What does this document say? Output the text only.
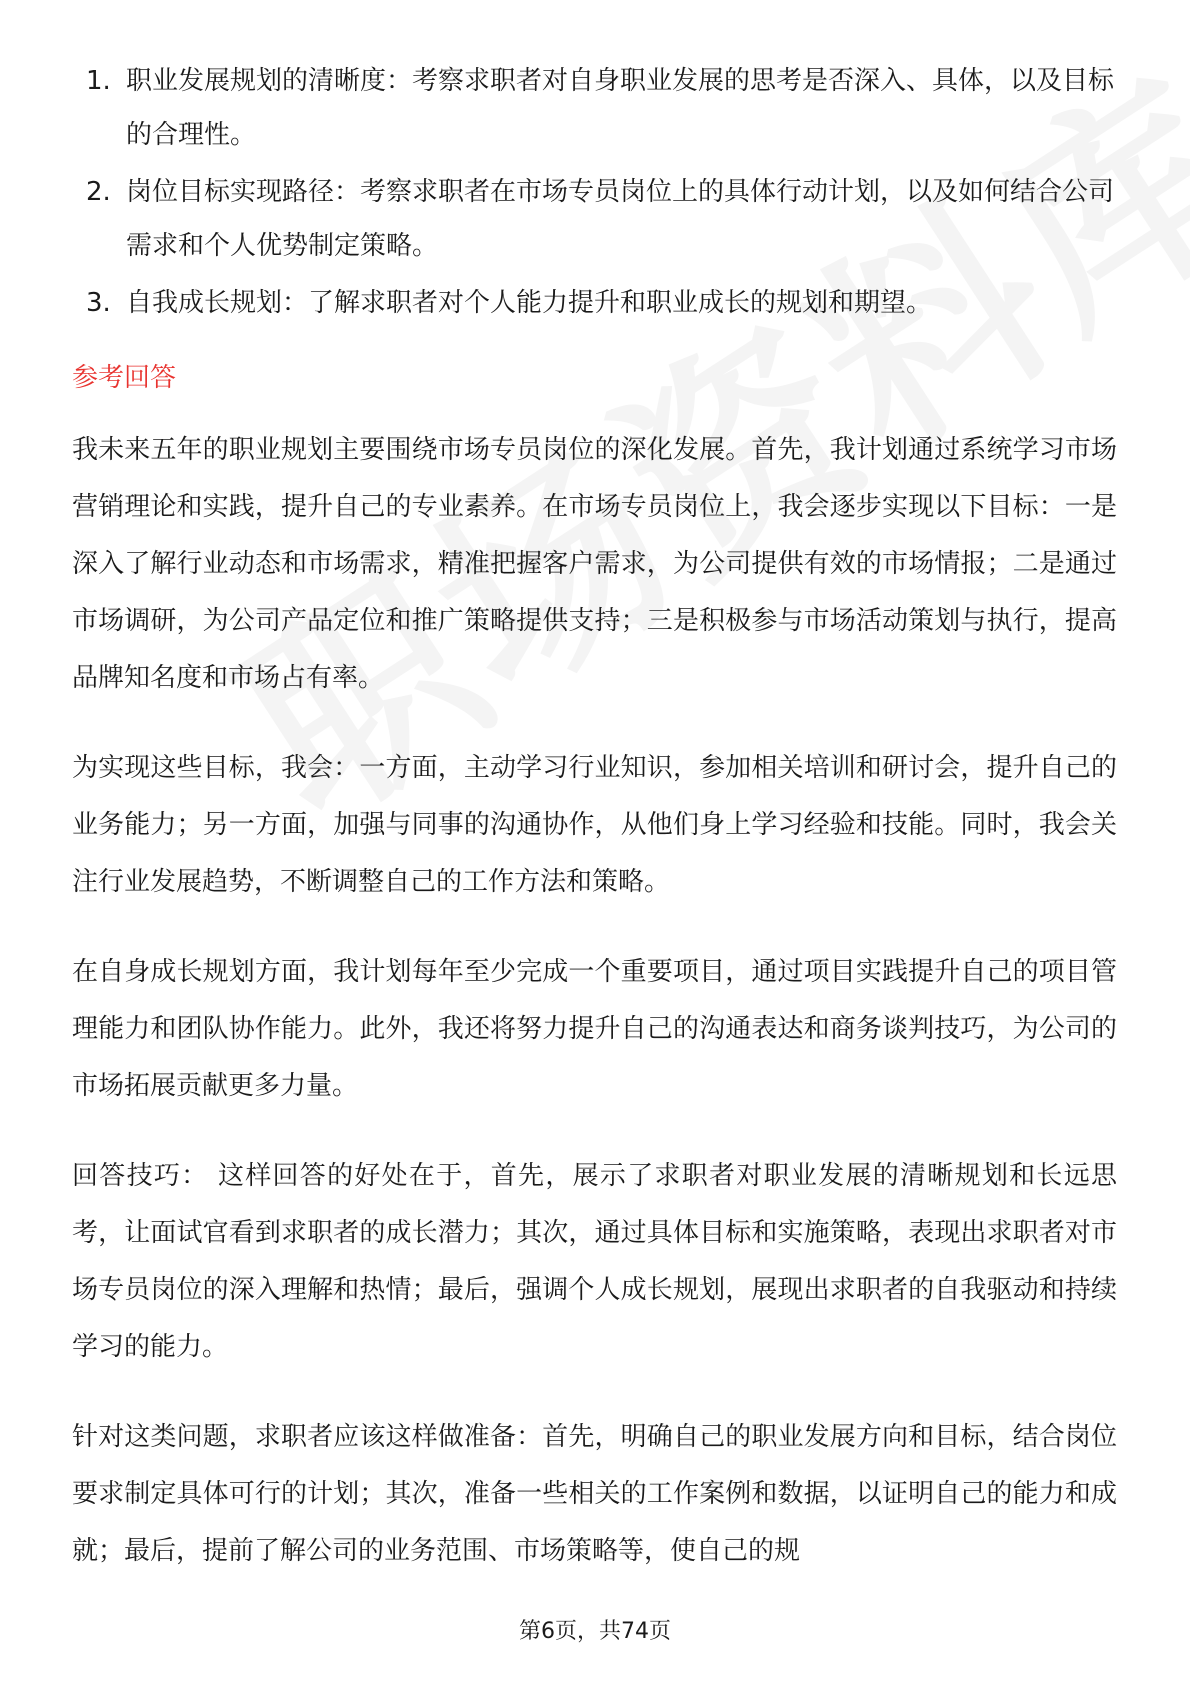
1. 职业发展规划的清晰度：考察求职者对自身职业发展的思考是否深入、具体，以及目标的合理性。
2. 岗位目标实现路径：考察求职者在市场专员岗位上的具体行动计划，以及如何结合公司需求和个人优势制定策略。
3. 自我成长规划：了解求职者对个人能力提升和职业成长的规划和期望。
参考回答

我未来五年的职业规划主要围绕市场专员岗位的深化发展。首先，我计划通过系统学习市场营销理论和实践，提升自己的专业素养。在市场专员岗位上，我会逐步实现以下目标：一是深入了解行业动态和市场需求，精准把握客户需求，为公司提供有效的市场情报；二是通过市场调研，为公司产品定位和推广策略提供支持；三是积极参与市场活动策划与执行，提高品牌知名度和市场占有率。

为实现这些目标，我会：一方面，主动学习行业知识，参加相关培训和研讨会，提升自己的业务能力；另一方面，加强与同事的沟通协作，从他们身上学习经验和技能。同时，我会关注行业发展趋势，不断调整自己的工作方法和策略。

在自身成长规划方面，我计划每年至少完成一个重要项目，通过项目实践提升自己的项目管理能力和团队协作能力。此外，我还将努力提升自己的沟通表达和商务谈判技巧，为公司的市场拓展贡献更多力量。

回答技巧： 这样回答的好处在于，首先，展示了求职者对职业发展的清晰规划和长远思考，让面试官看到求职者的成长潜力；其次，通过具体目标和实施策略，表现出求职者对市场专员岗位的深入理解和热情；最后，强调个人成长规划，展现出求职者的自我驱动和持续学习的能力。

针对这类问题，求职者应该这样做准备：首先，明确自己的职业发展方向和目标，结合岗位要求制定具体可行的计划；其次，准备一些相关的工作案例和数据，以证明自己的能力和成就；最后，提前了解公司的业务范围、市场策略等，使自己的规

第6页，共74页
